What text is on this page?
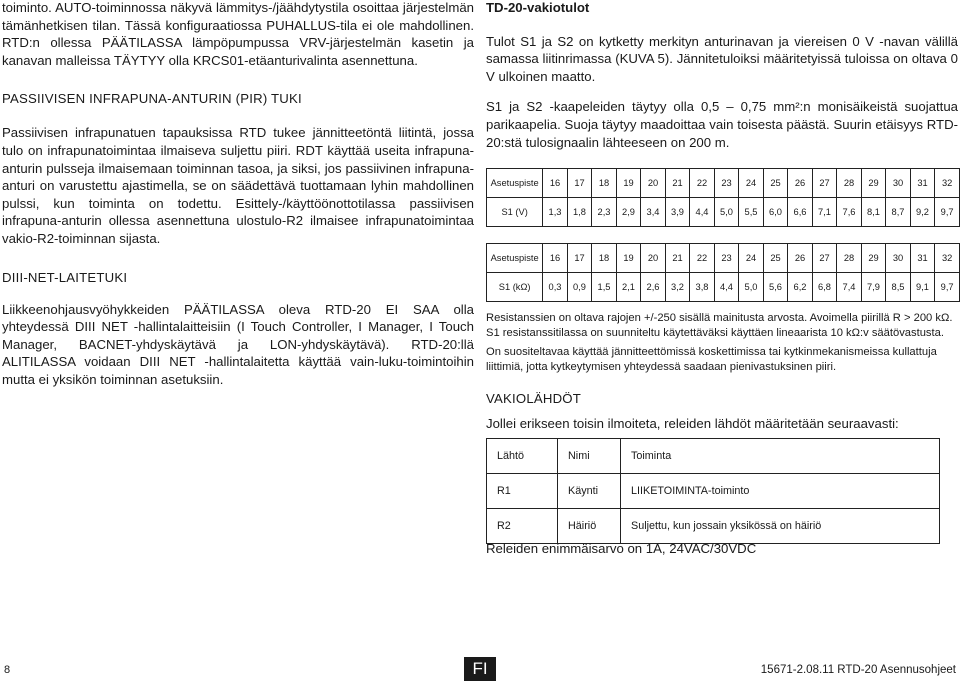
toiminto. AUTO-toiminnossa näkyvä lämmitys-/jäähdytystila osoittaa järjestelmän tämänhetkisen tilan. Tässä konfiguraatiossa PUHALLUS-tila ei ole mahdollinen. RTD:n ollessa PÄÄTILASSA lämpöpumpussa VRV-järjestelmän kasetin ja kanavan malleissa TÄYTYY olla KRCS01-etäanturivalinta asennettuna.

PASSIIVISEN INFRAPUNA-ANTURIN (PIR) TUKI

Passiivisen infrapunatuen tapauksissa RTD tukee jännitteetöntä liitintä, jossa tulo on infrapunatoimintaa ilmaiseva suljettu piiri. RDT käyttää useita infrapuna-anturin pulsseja ilmaisemaan toiminnan tasoa, ja siksi, jos passiivinen infrapuna-anturi on varustettu ajastimella, se on säädettävä tuottamaan lyhin mahdollinen pulssi, kun toiminta on todettu. Esittely-/käyttöönottotilassa passiivisen infrapuna-anturin ollessa asennettuna ulostulo-R2 ilmaisee infrapunatoimintaa vakio-R2-toiminnan sijasta.

DIII-NET-LAITETUKI

Liikkeenohjausvyöhykkeiden PÄÄTILASSA oleva RTD-20 EI SAA olla yhteydessä DIII NET -hallintalaitteisiin (I Touch Controller, I Manager, I Touch Manager, BACNET-yhdyskäytävä ja LON-yhdyskäytävä). RTD-20:llä ALITILASSA voidaan DIII NET -hallintalaitetta käyttää vain-luku-toimintoihin mutta ei yksikön toiminnan asetuksiin.

TD-20-vakiotulot

Tulot S1 ja S2 on kytketty merkityn anturinavan ja viereisen 0 V -navan välillä samassa liitinrimassa (KUVA 5). Jännitetuloiksi määritetyissä tuloissa on oltava 0 V ulkoinen maatto.

S1 ja S2 -kaapeleiden täytyy olla 0,5 – 0,75 mm²:n monisäikeistä suojattua parikaapelia. Suoja täytyy maadoittaa vain toisesta päästä. Suurin etäisyys RTD-20:stä tulosignaalin lähteeseen on 200 m.

Asetuspiste	16	17	18	19	20	21	22	23	24	25	26	27	28	29	30	31	32
S1 (V)	1,3	1,8	2,3	2,9	3,4	3,9	4,4	5,0	5,5	6,0	6,6	7,1	7,6	8,1	8,7	9,2	9,7
Asetuspiste	16	17	18	19	20	21	22	23	24	25	26	27	28	29	30	31	32
S1 (kΩ)	0,3	0,9	1,5	2,1	2,6	3,2	3,8	4,4	5,0	5,6	6,2	6,8	7,4	7,9	8,5	9,1	9,7

Resistanssien on oltava rajojen +/-250 sisällä mainitusta arvosta. Avoimella piirillä R > 200 kΩ. S1 resistanssitilassa on suunniteltu käytettäväksi käyttäen lineaarista 10 kΩ:v säätövastusta.

On suositeltavaa käyttää jännitteettömissä koskettimissa tai kytkinmekanismeissa kullattuja liittimiä, jotta kytkeytymisen yhteydessä saadaan pienivastuksinen piiri.

VAKIOLÄHDÖT

Jollei erikseen toisin ilmoiteta, releiden lähdöt määritetään seuraavasti:

Lähtö	Nimi	Toiminta
R1	Käynti	LIIKETOIMINTA-toiminto
R2	Häiriö	Suljettu, kun jossain yksikössä on häiriö

Releiden enimmäisarvo on 1A, 24VAC/30VDC

8	FI	15671-2.08.11 RTD-20 Asennusohjeet
